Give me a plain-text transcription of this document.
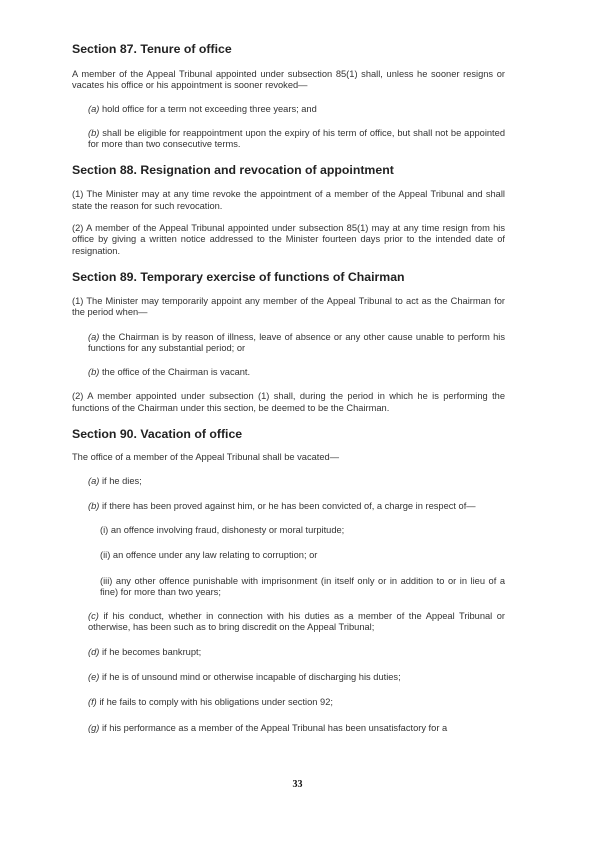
Section 87. Tenure of office

A member of the Appeal Tribunal appointed under subsection 85(1) shall, unless he sooner resigns or vacates his office or his appointment is sooner revoked—

(a) hold office for a term not exceeding three years; and

(b) shall be eligible for reappointment upon the expiry of his term of office, but shall not be appointed for more than two consecutive terms.

Section 88. Resignation and revocation of appointment

(1) The Minister may at any time revoke the appointment of a member of the Appeal Tribunal and shall state the reason for such revocation.

(2) A member of the Appeal Tribunal appointed under subsection 85(1) may at any time resign from his office by giving a written notice addressed to the Minister fourteen days prior to the intended date of resignation.

Section 89. Temporary exercise of functions of Chairman

(1) The Minister may temporarily appoint any member of the Appeal Tribunal to act as the Chairman for the period when—

(a) the Chairman is by reason of illness, leave of absence or any other cause unable to perform his functions for any substantial period; or

(b) the office of the Chairman is vacant.

(2) A member appointed under subsection (1) shall, during the period in which he is performing the functions of the Chairman under this section, be deemed to be the Chairman.

Section 90. Vacation of office

The office of a member of the Appeal Tribunal shall be vacated—

(a) if he dies;

(b) if there has been proved against him, or he has been convicted of, a charge in respect of—

(i) an offence involving fraud, dishonesty or moral turpitude;

(ii) an offence under any law relating to corruption; or

(iii) any other offence punishable with imprisonment (in itself only or in addition to or in lieu of a fine) for more than two years;

(c) if his conduct, whether in connection with his duties as a member of the Appeal Tribunal or otherwise, has been such as to bring discredit on the Appeal Tribunal;

(d) if he becomes bankrupt;

(e) if he is of unsound mind or otherwise incapable of discharging his duties;

(f) if he fails to comply with his obligations under section 92;

(g) if his performance as a member of the Appeal Tribunal has been unsatisfactory for a

33
